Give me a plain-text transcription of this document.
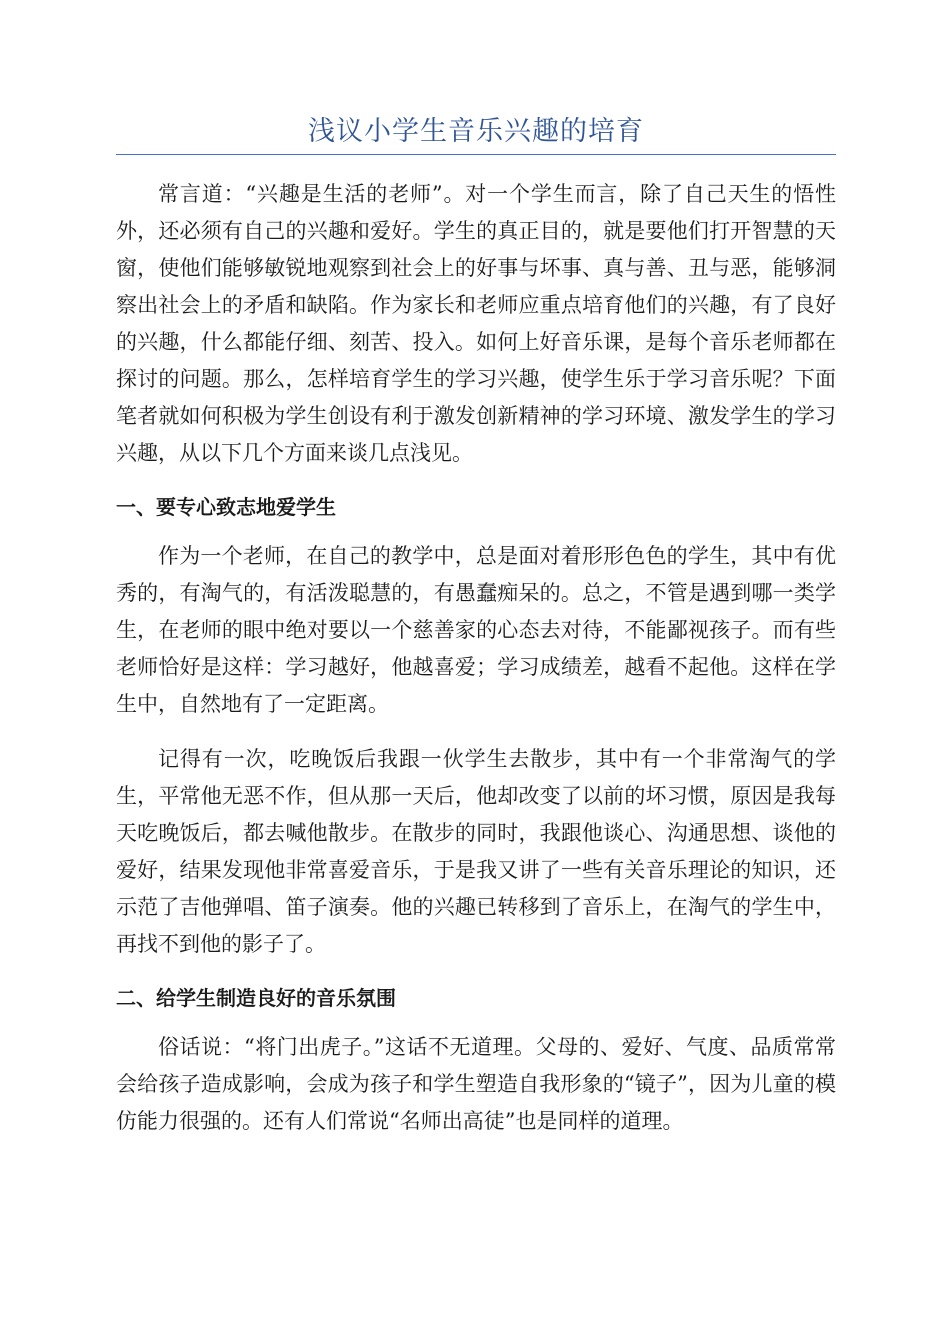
浅议小学生音乐兴趣的培育

常言道：“兴趣是生活的老师”。对一个学生而言，除了自己天生的悟性外，还必须有自己的兴趣和爱好。学生的真正目的，就是要他们打开智慧的天窗，使他们能够敏锐地观察到社会上的好事与坏事、真与善、丑与恶，能够洞察出社会上的矛盾和缺陷。作为家长和老师应重点培育他们的兴趣，有了良好的兴趣，什么都能仔细、刻苦、投入。如何上好音乐课，是每个音乐老师都在探讨的问题。那么，怎样培育学生的学习兴趣，使学生乐于学习音乐呢？下面笔者就如何积极为学生创设有利于激发创新精神的学习环境、激发学生的学习兴趣，从以下几个方面来谈几点浅见。

一、要专心致志地爱学生

作为一个老师，在自己的教学中，总是面对着形形色色的学生，其中有优秀的，有淘气的，有活泼聪慧的，有愚蠢痴呆的。总之，不管是遇到哪一类学生，在老师的眼中绝对要以一个慈善家的心态去对待，不能鄙视孩子。而有些老师恰好是这样：学习越好，他越喜爱；学习成绩差，越看不起他。这样在学生中，自然地有了一定距离。

记得有一次，吃晚饭后我跟一伙学生去散步，其中有一个非常淘气的学生，平常他无恶不作，但从那一天后，他却改变了以前的坏习惯，原因是我每天吃晚饭后，都去喊他散步。在散步的同时，我跟他谈心、沟通思想、谈他的爱好，结果发现他非常喜爱音乐，于是我又讲了一些有关音乐理论的知识，还示范了吉他弹唱、笛子演奏。他的兴趣已转移到了音乐上，在淘气的学生中，再找不到他的影子了。

二、给学生制造良好的音乐氛围

俗话说：“将门出虎子。”这话不无道理。父母的、爱好、气度、品质常常会给孩子造成影响，会成为孩子和学生塑造自我形象的“镜子”，因为儿童的模仿能力很强的。还有人们常说“名师出高徒”也是同样的道理。
